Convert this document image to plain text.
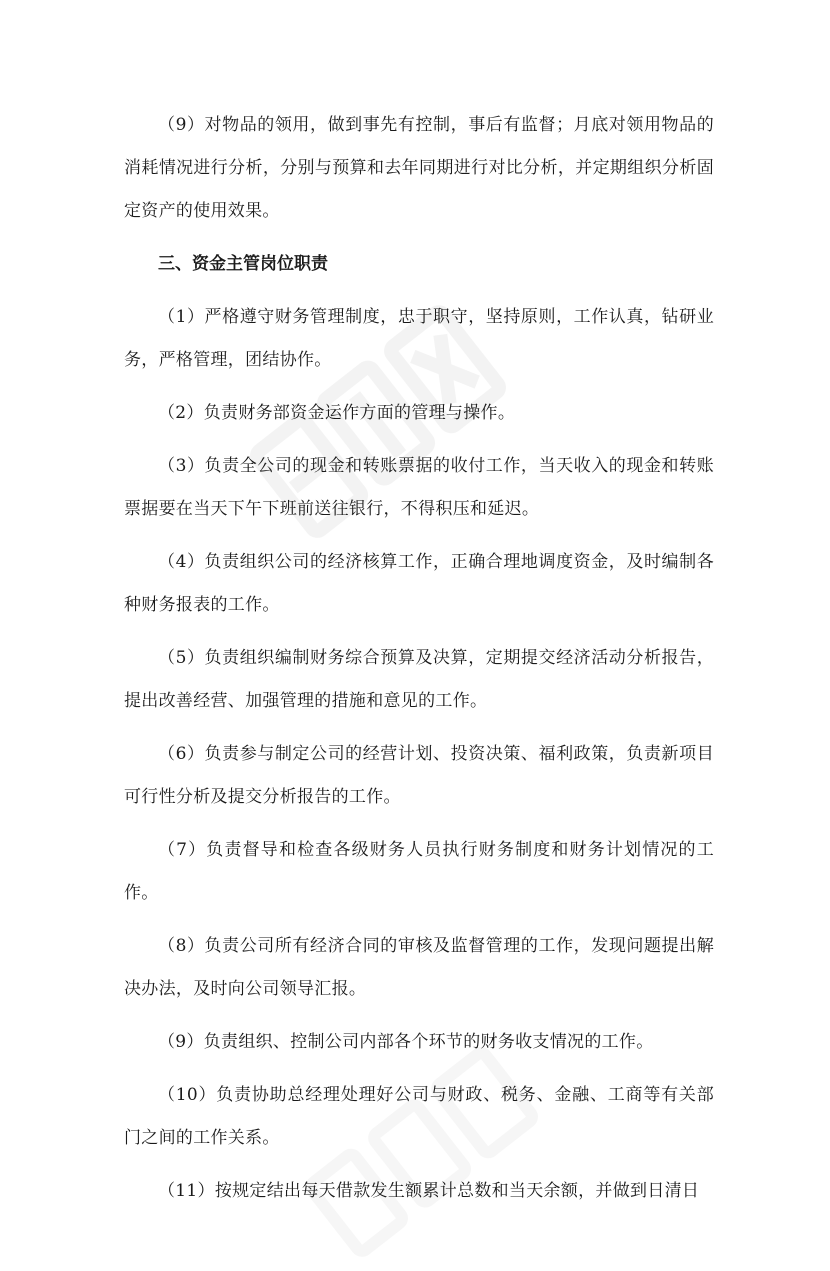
（9）对物品的领用，做到事先有控制，事后有监督；月底对领用物品的消耗情况进行分析，分别与预算和去年同期进行对比分析，并定期组织分析固定资产的使用效果。

三、资金主管岗位职责

（1）严格遵守财务管理制度，忠于职守，坚持原则，工作认真，钻研业务，严格管理，团结协作。

（2）负责财务部资金运作方面的管理与操作。

（3）负责全公司的现金和转账票据的收付工作，当天收入的现金和转账票据要在当天下午下班前送往银行，不得积压和延迟。

（4）负责组织公司的经济核算工作，正确合理地调度资金，及时编制各种财务报表的工作。

（5）负责组织编制财务综合预算及决算，定期提交经济活动分析报告，提出改善经营、加强管理的措施和意见的工作。

（6）负责参与制定公司的经营计划、投资决策、福利政策，负责新项目可行性分析及提交分析报告的工作。

（7）负责督导和检查各级财务人员执行财务制度和财务计划情况的工作。

（8）负责公司所有经济合同的审核及监督管理的工作，发现问题提出解决办法，及时向公司领导汇报。

（9）负责组织、控制公司内部各个环节的财务收支情况的工作。

（10）负责协助总经理处理好公司与财政、税务、金融、工商等有关部门之间的工作关系。

（11）按规定结出每天借款发生额累计总数和当天余额，并做到日清日
